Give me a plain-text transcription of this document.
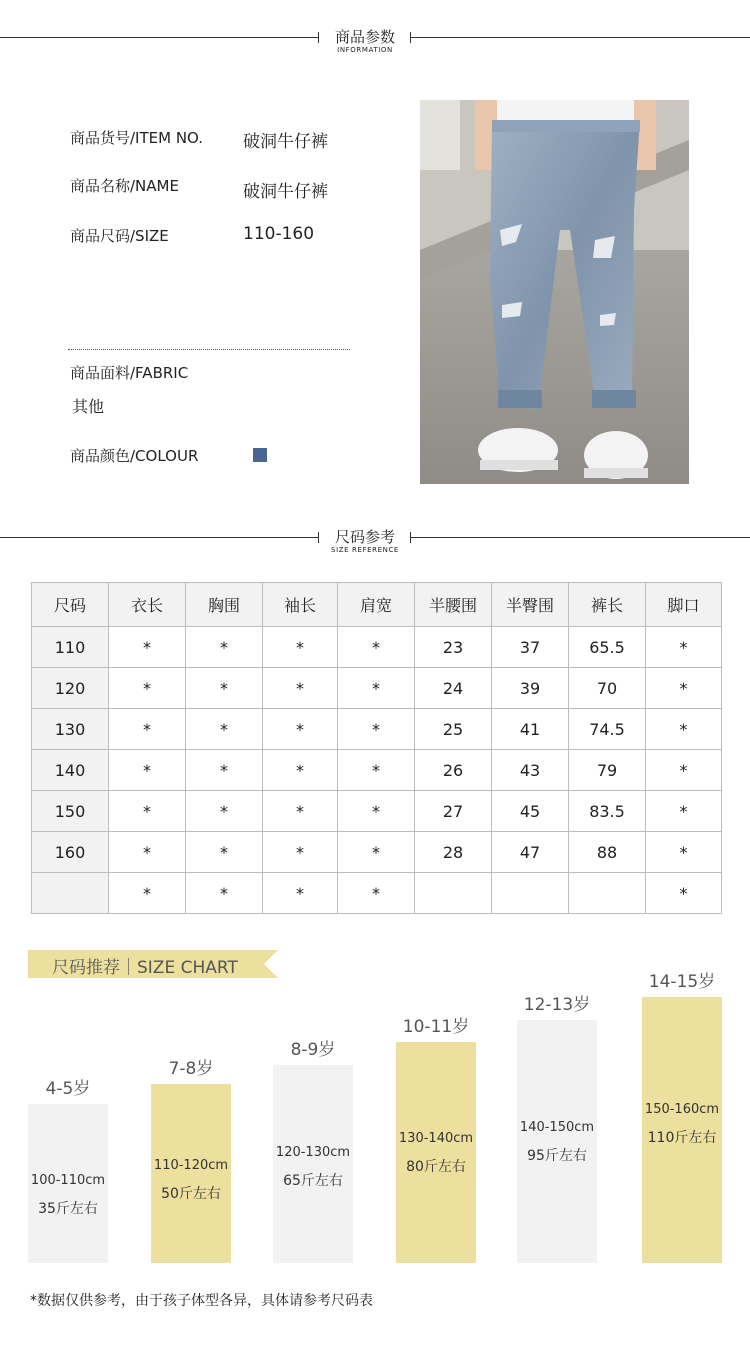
商品参数
INFORMATION
商品货号/ITEM NO. 破洞牛仔裤
商品名称/NAME	破洞牛仔裤
商品尺码/SIZE	110-160
商品面料/FABRIC
其他
商品颜色/COLOUR
尺码参考
SIZE REFERENCE
尺码	衣长	胸围	袖长	肩宽	半腰围	半臀围	裤长	脚口
110	*	*	*	*	23	37	65.5	*
120	*	*	*	*	24	39	70	*
130	*	*	*	*	25	41	74.5	*
140	*	*	*	*	26	43	79	*
150	*	*	*	*	27	45	83.5	*
160	*	*	*	*	28	47	88	*
	*	*	*	*				*
尺码推荐｜SIZE CHART
4-5岁
100-110cm
35斤左右
7-8岁
110-120cm
50斤左右
8-9岁
120-130cm
65斤左右
10-11岁
130-140cm
80斤左右
12-13岁
140-150cm
95斤左右
14-15岁
150-160cm
110斤左右
*数据仅供参考，由于孩子体型各异，具体请参考尺码表
